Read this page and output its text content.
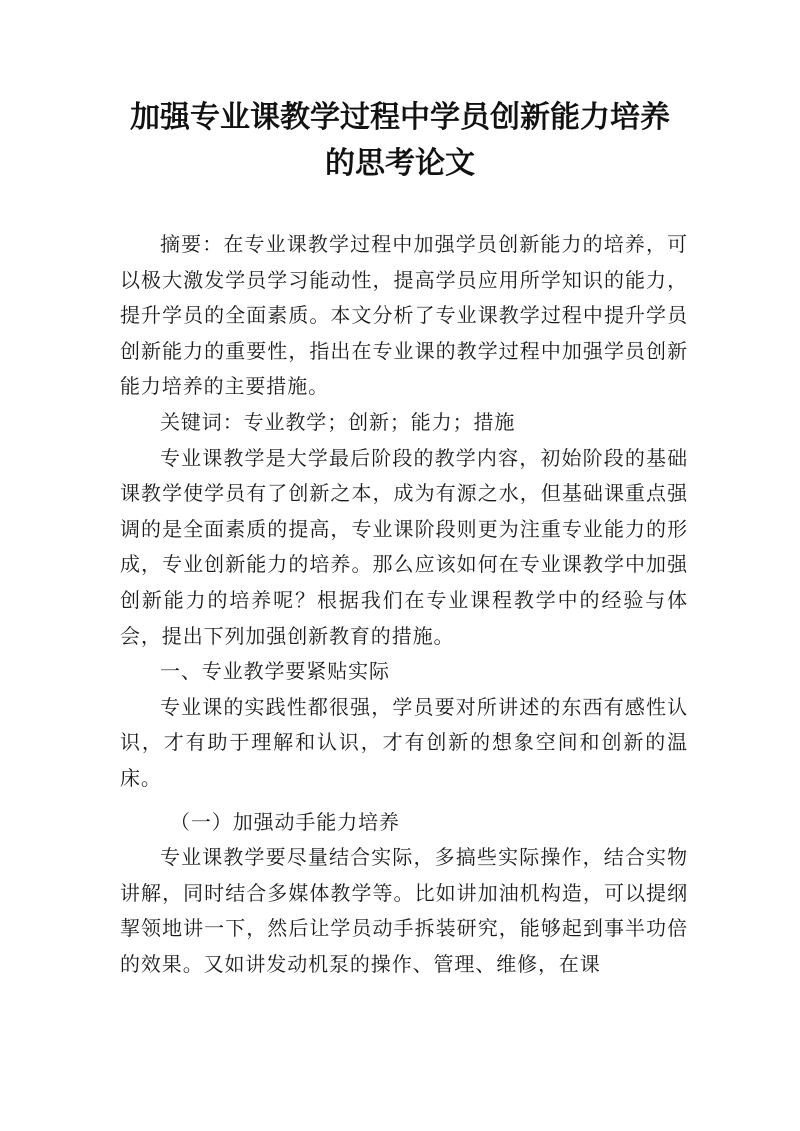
加强专业课教学过程中学员创新能力培养
的思考论文

摘要：在专业课教学过程中加强学员创新能力的培养，可以极大激发学员学习能动性，提高学员应用所学知识的能力，提升学员的全面素质。本文分析了专业课教学过程中提升学员创新能力的重要性，指出在专业课的教学过程中加强学员创新能力培养的主要措施。

关键词：专业教学；创新；能力；措施

专业课教学是大学最后阶段的教学内容，初始阶段的基础课教学使学员有了创新之本，成为有源之水，但基础课重点强调的是全面素质的提高，专业课阶段则更为注重专业能力的形成，专业创新能力的培养。那么应该如何在专业课教学中加强创新能力的培养呢？根据我们在专业课程教学中的经验与体会，提出下列加强创新教育的措施。

一、专业教学要紧贴实际

专业课的实践性都很强，学员要对所讲述的东西有感性认识，才有助于理解和认识，才有创新的想象空间和创新的温床。

（一）加强动手能力培养

专业课教学要尽量结合实际，多搞些实际操作，结合实物讲解，同时结合多媒体教学等。比如讲加油机构造，可以提纲挈领地讲一下，然后让学员动手拆装研究，能够起到事半功倍的效果。又如讲发动机泵的操作、管理、维修，在课
